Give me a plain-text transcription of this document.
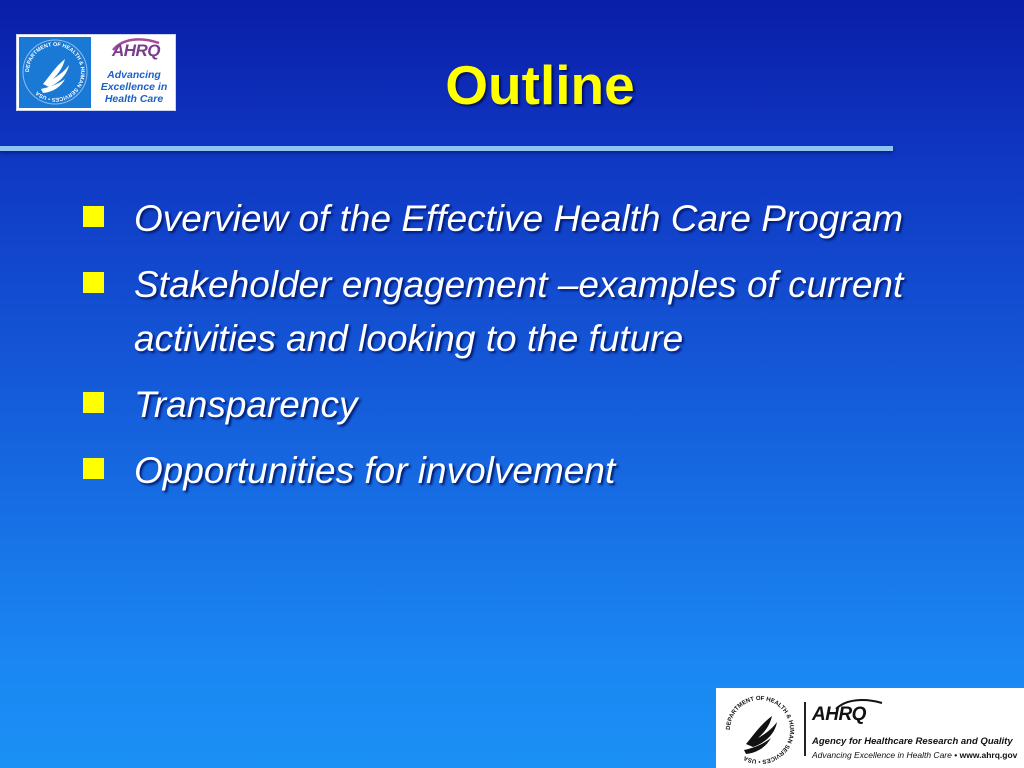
DEPARTMENT OF HEALTH & HUMAN SERVICES • USA
AHRQ
Advancing
Excellence in
Health Care	Outline
Overview of the Effective Health Care Program
Stakeholder engagement –examples of current activities and looking to the future
Transparency
Opportunities for involvement
DEPARTMENT OF HEALTH & HUMAN SERVICES • USA
AHRQ
Agency for Healthcare Research and Quality
Advancing Excellence in Health Care • www.ahrq.gov
